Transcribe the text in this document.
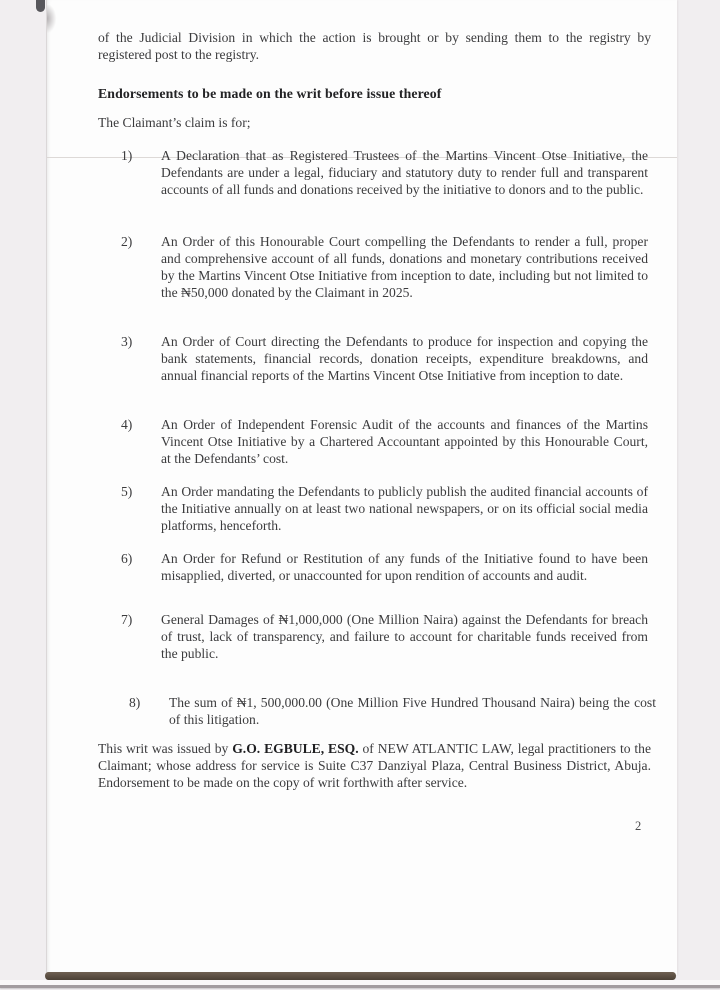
of the Judicial Division in which the action is brought or by sending them to the registry by registered post to the registry.
Endorsements to be made on the writ before issue thereof
The Claimant’s claim is for;
1)	A Declaration that as Registered Trustees of the Martins Vincent Otse Initiative, the Defendants are under a legal, fiduciary and statutory duty to render full and transparent accounts of all funds and donations received by the initiative to donors and to the public.
2)	An Order of this Honourable Court compelling the Defendants to render a full, proper and comprehensive account of all funds, donations and monetary contributions received by the Martins Vincent Otse Initiative from inception to date, including but not limited to the ₦50,000 donated by the Claimant in 2025.
3)	An Order of Court directing the Defendants to produce for inspection and copying the bank statements, financial records, donation receipts, expenditure breakdowns, and annual financial reports of the Martins Vincent Otse Initiative from inception to date.
4)	An Order of Independent Forensic Audit of the accounts and finances of the Martins Vincent Otse Initiative by a Chartered Accountant appointed by this Honourable Court, at the Defendants’ cost.
5)	An Order mandating the Defendants to publicly publish the audited financial accounts of the Initiative annually on at least two national newspapers, or on its official social media platforms, henceforth.
6)	An Order for Refund or Restitution of any funds of the Initiative found to have been misapplied, diverted, or unaccounted for upon rendition of accounts and audit.
7)	General Damages of ₦1,000,000 (One Million Naira) against the Defendants for breach of trust, lack of transparency, and failure to account for charitable funds received from the public.
8)	The sum of ₦1, 500,000.00 (One Million Five Hundred Thousand Naira) being the cost of this litigation.
This writ was issued by G.O. EGBULE, ESQ. of NEW ATLANTIC LAW, legal practitioners to the Claimant; whose address for service is Suite C37 Danziyal Plaza, Central Business District, Abuja. Endorsement to be made on the copy of writ forthwith after service.
2
